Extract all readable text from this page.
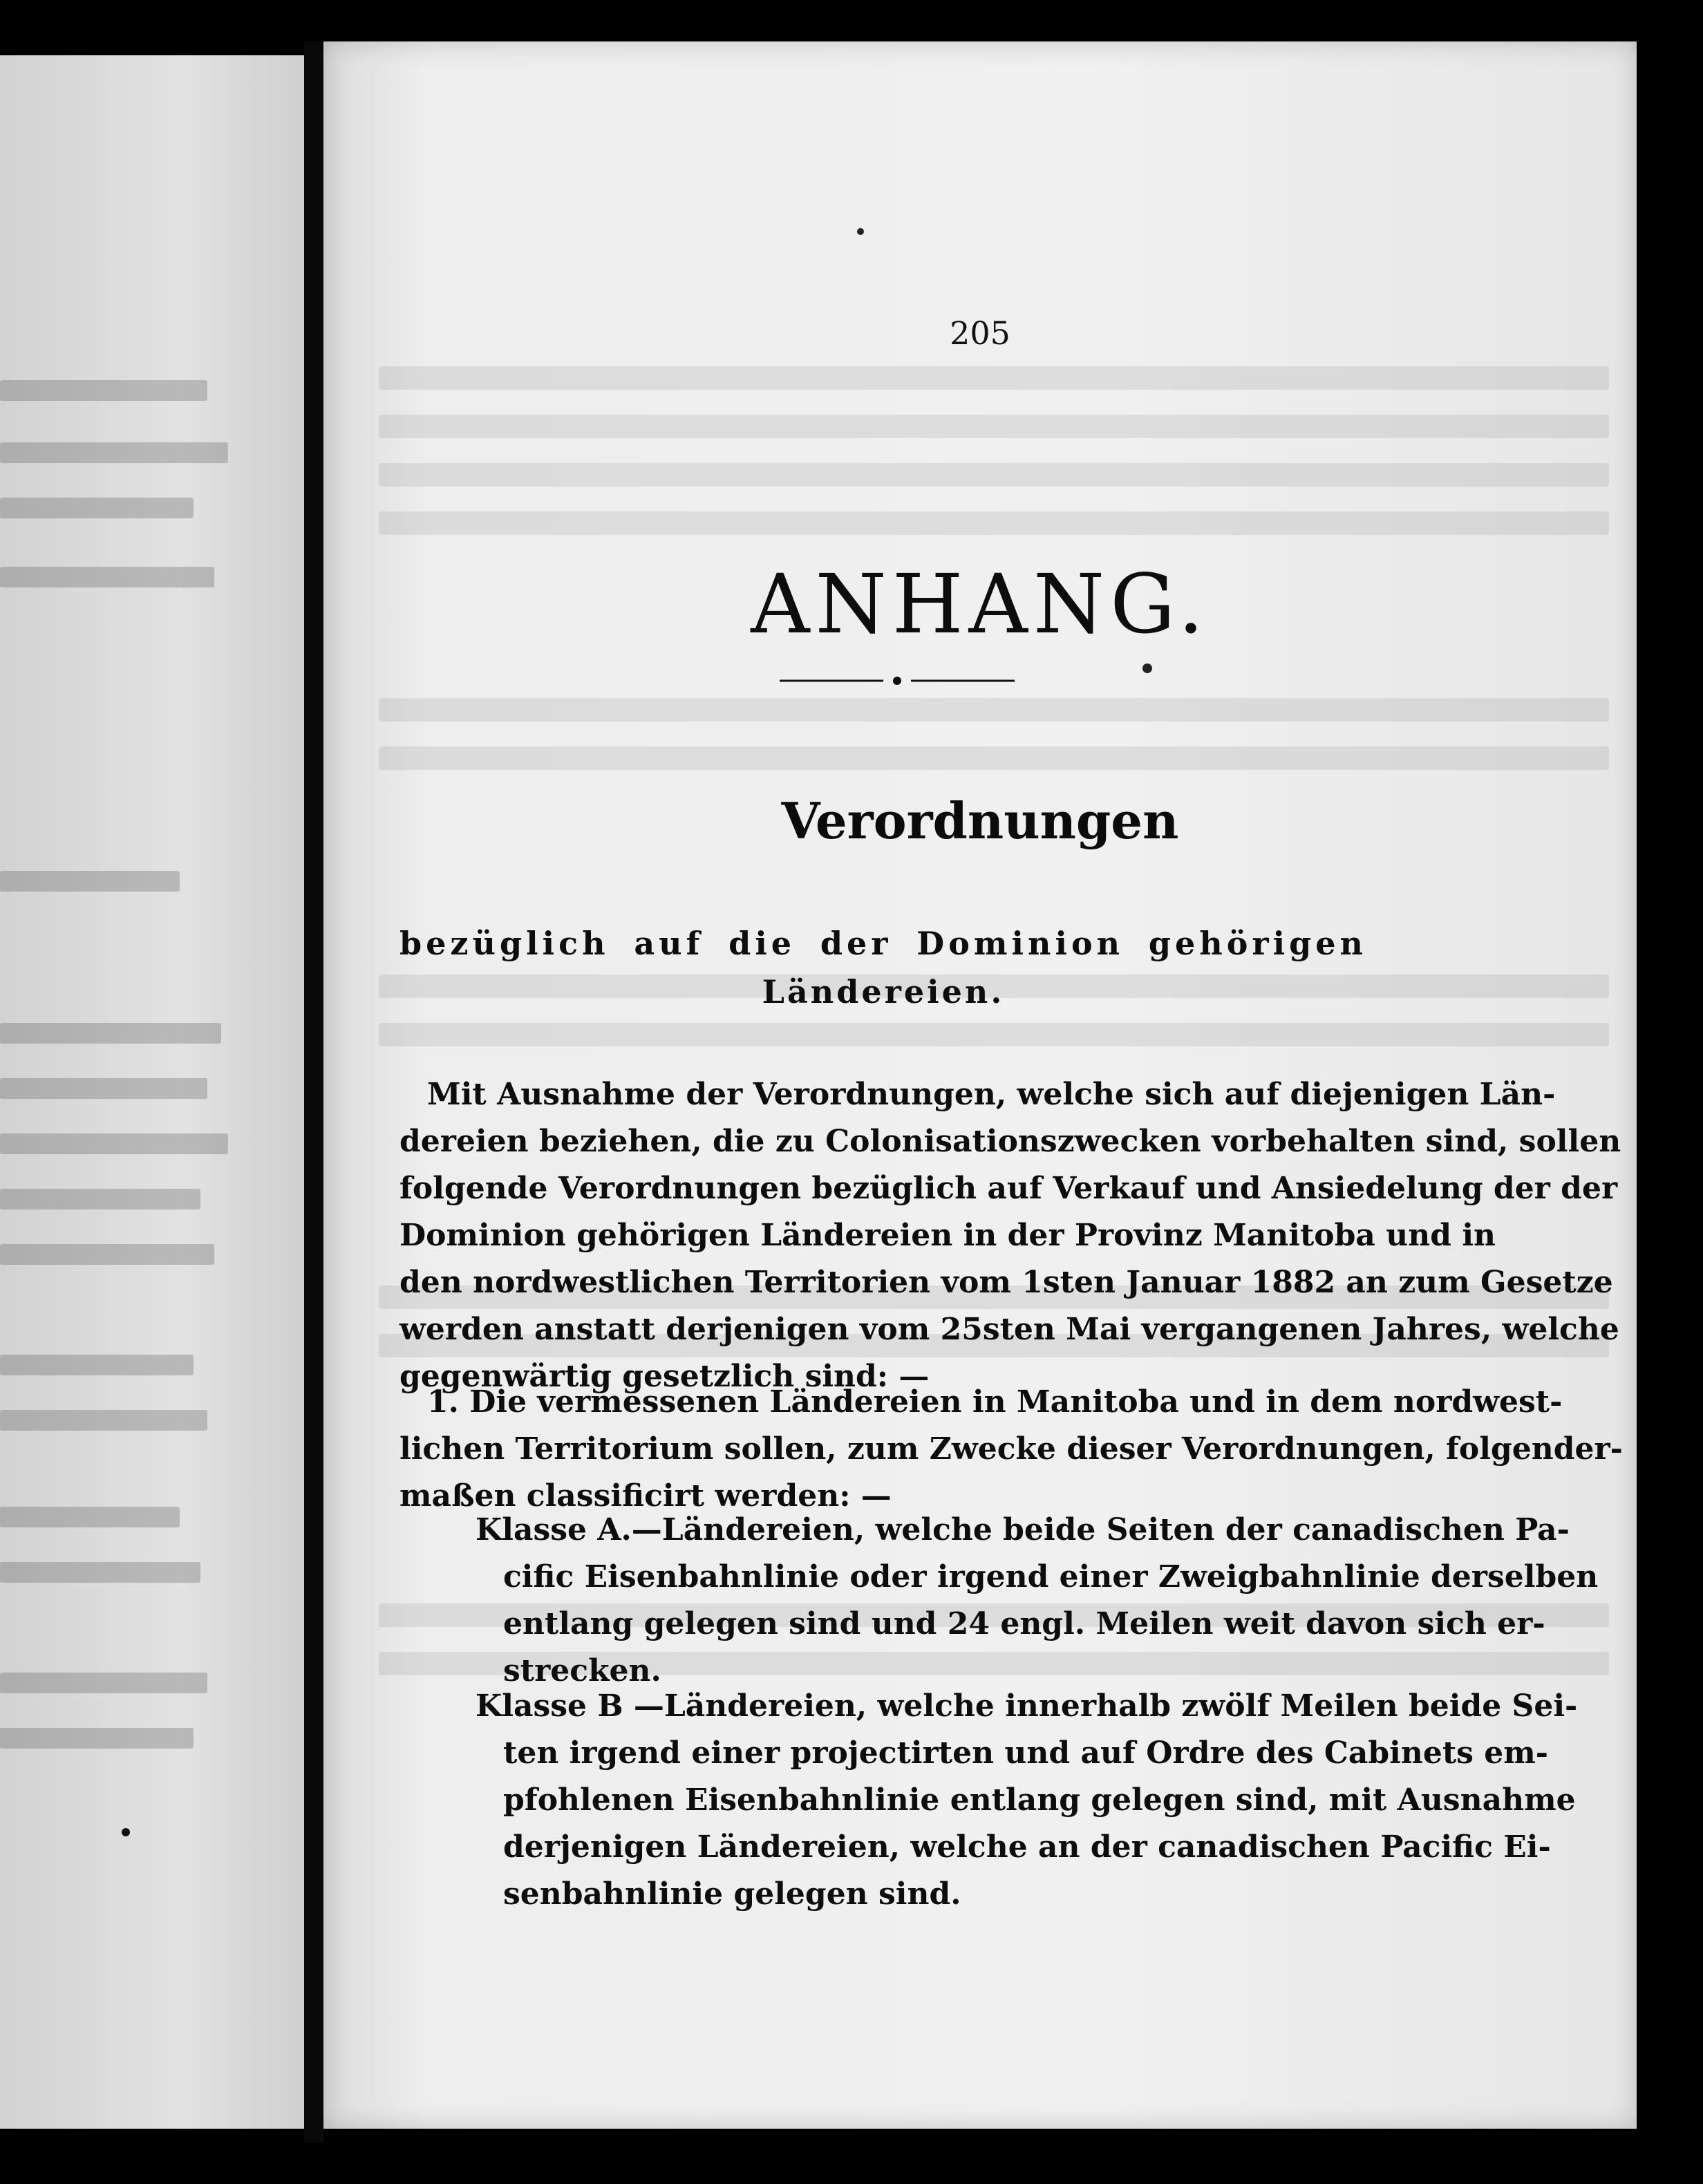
205
ANHANG.
Verordnungen
bezüglich auf die der Dominion gehörigen
Ländereien.
Mit Ausnahme der Verordnungen, welche sich auf diejenigen Län-
dereien beziehen, die zu Colonisationszwecken vorbehalten sind, sollen
folgende Verordnungen bezüglich auf Verkauf und Ansiedelung der der
Dominion gehörigen Ländereien in der Provinz Manitoba und in
den nordwestlichen Territorien vom 1sten Januar 1882 an zum Gesetze
werden anstatt derjenigen vom 25sten Mai vergangenen Jahres, welche
gegenwärtig gesetzlich sind: —
1. Die vermessenen Ländereien in Manitoba und in dem nordwest-
lichen Territorium sollen, zum Zwecke dieser Verordnungen, folgender-
maßen classificirt werden: —
Klasse A.—Ländereien, welche beide Seiten der canadischen Pa-
cific Eisenbahnlinie oder irgend einer Zweigbahnlinie derselben
entlang gelegen sind und 24 engl. Meilen weit davon sich er-
strecken.
Klasse B —Ländereien, welche innerhalb zwölf Meilen beide Sei-
ten irgend einer projectirten und auf Ordre des Cabinets em-
pfohlenen Eisenbahnlinie entlang gelegen sind, mit Ausnahme
derjenigen Ländereien, welche an der canadischen Pacific Ei-
senbahnlinie gelegen sind.
